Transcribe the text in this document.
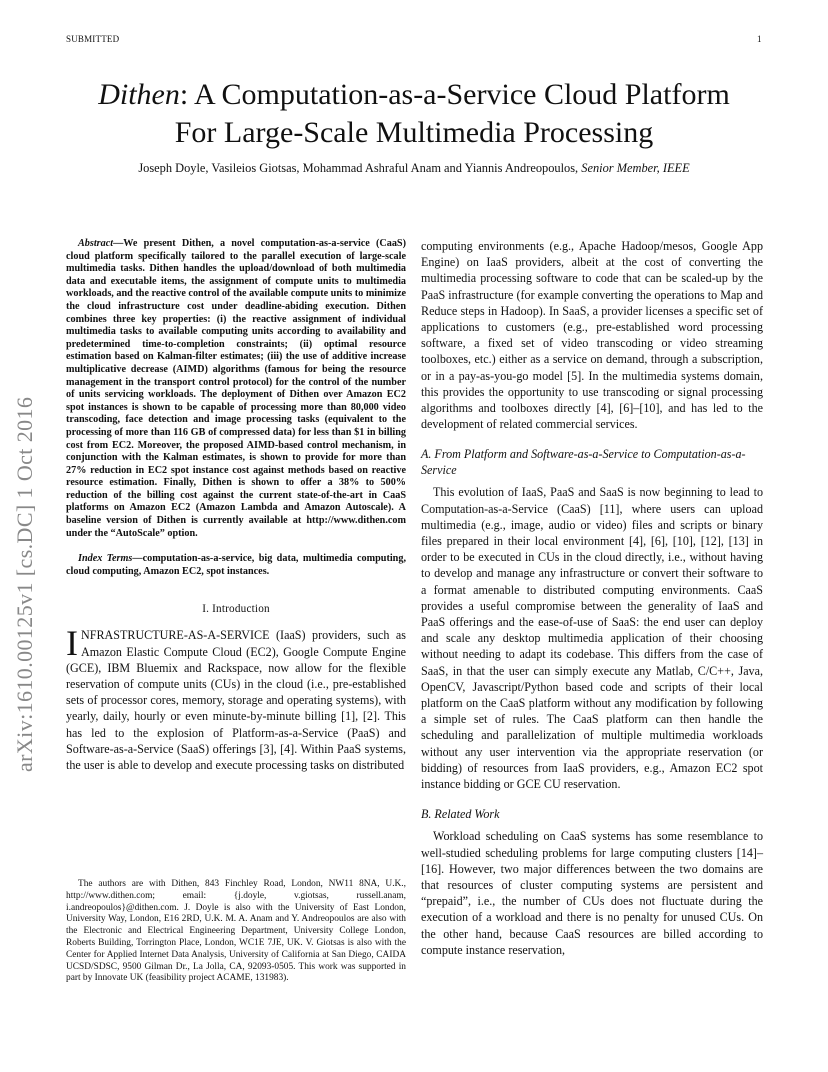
SUBMITTED	1
Dithen: A Computation-as-a-Service Cloud Platform
For Large-Scale Multimedia Processing
Joseph Doyle, Vasileios Giotsas, Mohammad Ashraful Anam and Yiannis Andreopoulos, Senior Member, IEEE
arXiv:1610.00125v1 [cs.DC] 1 Oct 2016

Abstract—We present Dithen, a novel computation-as-a-service (CaaS) cloud platform specifically tailored to the parallel execution of large-scale multimedia tasks. Dithen handles the upload/download of both multimedia data and executable items, the assignment of compute units to multimedia workloads, and the reactive control of the available compute units to minimize the cloud infrastructure cost under deadline-abiding execution. Dithen combines three key properties: (i) the reactive assignment of individual multimedia tasks to available computing units according to availability and predetermined time-to-completion constraints; (ii) optimal resource estimation based on Kalman-filter estimates; (iii) the use of additive increase multiplicative decrease (AIMD) algorithms (famous for being the resource management in the transport control protocol) for the control of the number of units servicing workloads. The deployment of Dithen over Amazon EC2 spot instances is shown to be capable of processing more than 80,000 video transcoding, face detection and image processing tasks (equivalent to the processing of more than 116 GB of compressed data) for less than $1 in billing cost from EC2. Moreover, the proposed AIMD-based control mechanism, in conjunction with the Kalman estimates, is shown to provide for more than 27% reduction in EC2 spot instance cost against methods based on reactive resource estimation. Finally, Dithen is shown to offer a 38% to 500% reduction of the billing cost against the current state-of-the-art in CaaS platforms on Amazon EC2 (Amazon Lambda and Amazon Autoscale). A baseline version of Dithen is currently available at http://www.dithen.com under the “AutoScale” option.

Index Terms—computation-as-a-service, big data, multimedia computing, cloud computing, Amazon EC2, spot instances.

I. Introduction

INFRASTRUCTURE-AS-A-SERVICE (IaaS) providers, such as Amazon Elastic Compute Cloud (EC2), Google Compute Engine (GCE), IBM Bluemix and Rackspace, now allow for the flexible reservation of compute units (CUs) in the cloud (i.e., pre-established sets of processor cores, memory, storage and operating systems), with yearly, daily, hourly or even minute-by-minute billing [1], [2]. This has led to the explosion of Platform-as-a-Service (PaaS) and Software-as-a-Service (SaaS) offerings [3], [4]. Within PaaS systems, the user is able to develop and execute processing tasks on distributed

The authors are with Dithen, 843 Finchley Road, London, NW11 8NA, U.K., http://www.dithen.com; email: {j.doyle, v.giotsas, russell.anam, i.andreopoulos}@dithen.com. J. Doyle is also with the University of East London, University Way, London, E16 2RD, U.K. M. A. Anam and Y. Andreopoulos are also with the Electronic and Electrical Engineering Department, University College London, Roberts Building, Torrington Place, London, WC1E 7JE, UK. V. Giotsas is also with the Center for Applied Internet Data Analysis, University of California at San Diego, CAIDA UCSD/SDSC, 9500 Gilman Dr., La Jolla, CA, 92093-0505. This work was supported in part by Innovate UK (feasibility project ACAME, 131983).

computing environments (e.g., Apache Hadoop/mesos, Google App Engine) on IaaS providers, albeit at the cost of converting the multimedia processing software to code that can be scaled-up by the PaaS infrastructure (for example converting the operations to Map and Reduce steps in Hadoop). In SaaS, a provider licenses a specific set of applications to customers (e.g., pre-established word processing software, a fixed set of video transcoding or video streaming toolboxes, etc.) either as a service on demand, through a subscription, or in a pay-as-you-go model [5]. In the multimedia systems domain, this provides the opportunity to use transcoding or signal processing algorithms and toolboxes directly [4], [6]–[10], and has led to the development of related commercial services.

A. From Platform and Software-as-a-Service to Computation-as-a-Service

This evolution of IaaS, PaaS and SaaS is now beginning to lead to Computation-as-a-Service (CaaS) [11], where users can upload multimedia (e.g., image, audio or video) files and scripts or binary files prepared in their local environment [4], [6], [10], [12], [13] in order to be executed in CUs in the cloud directly, i.e., without having to develop and manage any infrastructure or convert their software to a format amenable to distributed computing environments. CaaS provides a useful compromise between the generality of IaaS and PaaS offerings and the ease-of-use of SaaS: the end user can deploy and scale any desktop multimedia application of their choosing without needing to adapt its codebase. This differs from the case of SaaS, in that the user can simply execute any Matlab, C/C++, Java, OpenCV, Javascript/Python based code and scripts of their local platform on the CaaS platform without any modification by following a simple set of rules. The CaaS platform can then handle the scheduling and parallelization of multiple multimedia workloads without any user intervention via the appropriate reservation (or bidding) of resources from IaaS providers, e.g., Amazon EC2 spot instance bidding or GCE CU reservation.

B. Related Work

Workload scheduling on CaaS systems has some resemblance to well-studied scheduling problems for large computing clusters [14]–[16]. However, two major differences between the two domains are that resources of cluster computing systems are persistent and “prepaid”, i.e., the number of CUs does not fluctuate during the execution of a workload and there is no penalty for unused CUs. On the other hand, because CaaS resources are billed according to compute instance reservation,
